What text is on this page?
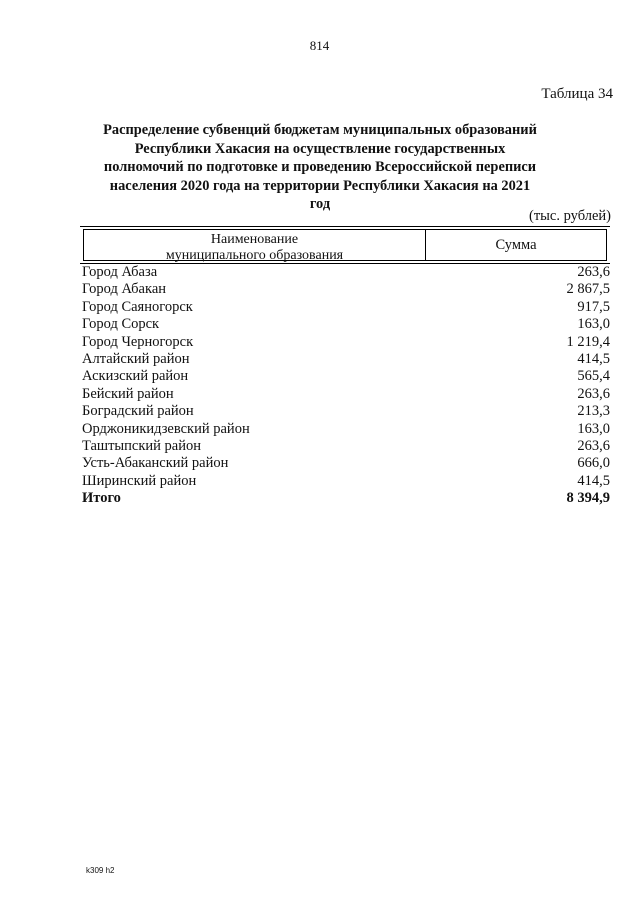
814
Таблица 34
Распределение субвенций бюджетам муниципальных образований
Республики Хакасия на осуществление государственных
полномочий по подготовке и проведению Всероссийской переписи
населения 2020 года на территории Республики Хакасия на 2021 год
(тыс. рублей)
Наименование
муниципального образования
Сумма
Город Абаза	263,6
Город Абакан	2 867,5
Город Саяногорск	917,5
Город Сорск	163,0
Город Черногорск	1 219,4
Алтайский район	414,5
Аскизский район	565,4
Бейский район	263,6
Боградский район	213,3
Орджоникидзевский район	163,0
Таштыпский район	263,6
Усть-Абаканский район	666,0
Ширинский район	414,5
Итого	8 394,9
k309 h2
